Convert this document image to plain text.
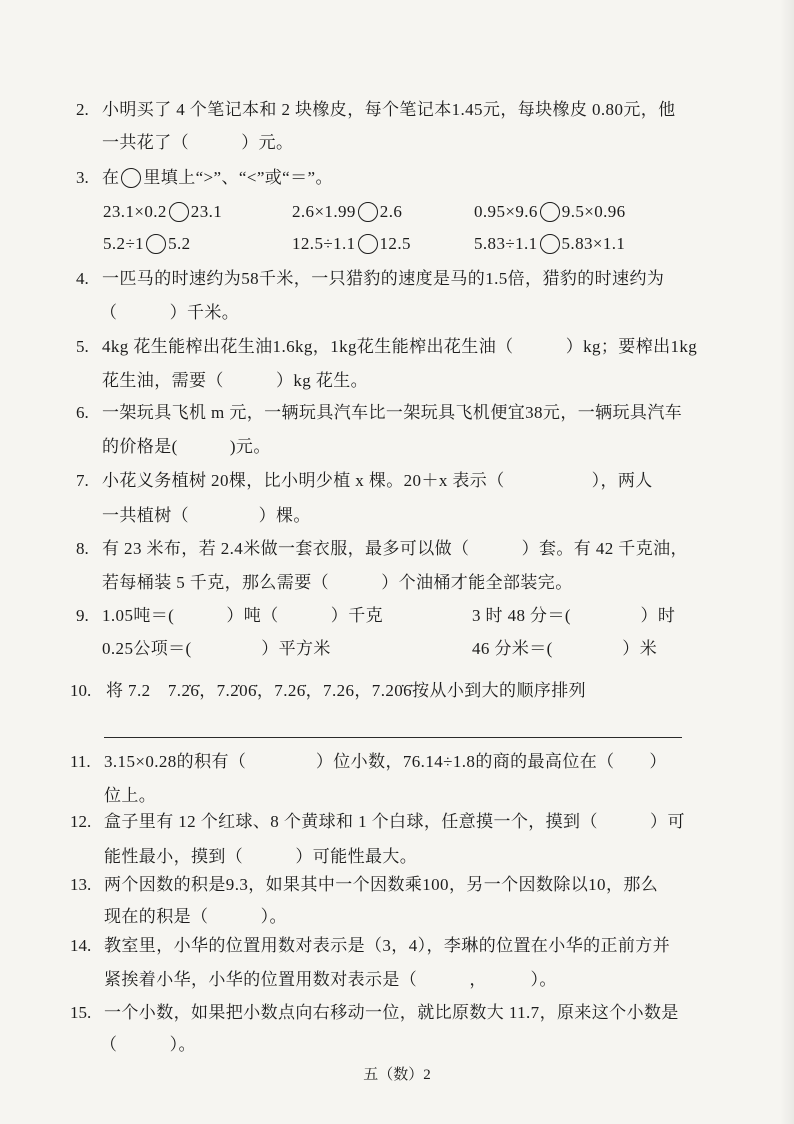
2. 小明买了 4 个笔记本和 2 块橡皮，每个笔记本1.45元，每块橡皮 0.80元，他
一共花了（　　　）元。
3. 在 里填上“>”、“<”或“＝”。
23.1×0.2 23.1	2.6×1.99 2.6	0.95×9.6 9.5×0.96
5.2÷1 5.2	12.5÷1.1 12.5	5.83÷1.1 5.83×1.1
4. 一匹马的时速约为58千米，一只猎豹的速度是马的1.5倍，猎豹的时速约为
（　　　）千米。
5. 4kg 花生能榨出花生油1.6kg，1kg花生能榨出花生油（　　　）kg；要榨出1kg
花生油，需要（　　　）kg 花生。
6. 一架玩具飞机 m 元，一辆玩具汽车比一架玩具飞机便宜38元，一辆玩具汽车
的价格是(　　　)元。
7. 小花义务植树 20棵，比小明少植 x 棵。20＋x 表示（　　　　　），两人
一共植树（　　　　）棵。
8. 有 23 米布，若 2.4米做一套衣服，最多可以做（　　　）套。有 42 千克油，
若每桶装 5 千克，那么需要（　　　）个油桶才能全部装完。
9. 1.05吨＝(　　　）吨（　　　）千克	3 时 48 分＝(　　　　）时
0.25公项＝(　　　　）平方米	46 分米＝(　　　　）米
10. 将 7.2　7.2̇6̇，7.2̇06̇，7.26̇，7.26，7.20̇6̇按从小到大的顺序排列
11. 3.15×0.28的积有（　　　　）位小数，76.14÷1.8的商的最高位在（　　）
位上。
12. 盒子里有 12 个红球、8 个黄球和 1 个白球，任意摸一个，摸到（　　　）可
能性最小，摸到（　　　）可能性最大。
13. 两个因数的积是9.3，如果其中一个因数乘100，另一个因数除以10，那么
现在的积是（　　　）。
14. 教室里，小华的位置用数对表示是（3，4），李琳的位置在小华的正前方并
紧挨着小华，小华的位置用数对表示是（　　　，　　　）。
15. 一个小数，如果把小数点向右移动一位，就比原数大 11.7，原来这个小数是
（　　　）。
五（数）2
